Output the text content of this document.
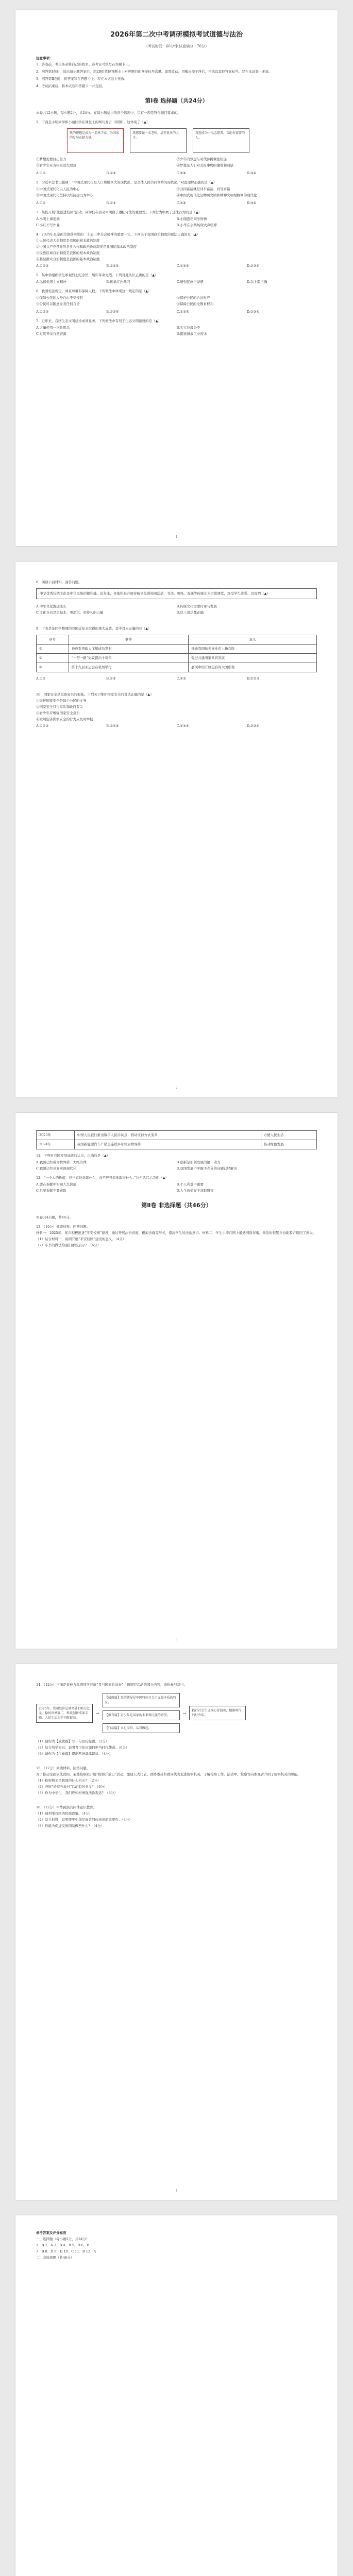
2026年第二次中考调研模拟考试道德与法治
（考试时间：60分钟 试卷满分：70分）

注意事项：

1．答卷前，考生务必将自己的姓名、准考证号填写在答题卡上。

2．回答第Ⅰ卷时，选出每小题答案后，用2B铅笔把答题卡上对应题目的答案标号涂黑。如需改动，用橡皮擦干净后，再选涂其他答案标号。写在本试卷上无效。

3．回答第Ⅱ卷时，将答案写在答题卡上。写在本试卷上无效。

4．考试结束后，将本试卷和答题卡一并交回。

第Ⅰ卷 选择题（共24分）

本卷共12小题，每小题2分，共24分。在每小题给出的四个选项中，只有一项是符合题目要求的。

1．下面是小明同学和小丽同学在课堂上的两句发言（如图），这体现了（▲）

我的理想是成为一名科学家，为国家的发展贡献力量。
我想要做一名老师，培养更多的人才。
我想成为一名志愿者，帮助有需要的人。
①梦想需要付出努力	②少年的梦想与时代脉搏紧密相连
③青少年应当树立远大理想	④梦想是人们对美好事物的憧憬和渴望
A.①②	B.①③	C.②④	D.③④

2．习近平总书记强调：“中国式现代化是人口规模巨大的现代化，是全体人民共同富裕的现代化。”对此理解正确的是（▲）

①中国式现代化以人民为中心	②共同富裕就是同步富裕、同等富裕
③中国式现代化坚持以经济建设为中心	④中国式现代化是物质文明和精神文明相协调的现代化
A.①②	B.①③	C.②④	D.③④

3．某校开展“法治进校园”活动，同学们在活动中明白了遵纪守法的重要性。下列行为中属于违法行为的是（▲）

A.小明上课迟到	B.小刚盗窃同学财物
C.小红不写作业	D.小华在公共场所大声喧哗

4．2025年是全面贯彻落实党的二十届三中全会精神的重要一年。下列关于我国政治制度的说法正确的是（▲）

①人民代表大会制度是我国的根本政治制度

②中国共产党领导的多党合作和政治协商制度是我国的基本政治制度

③民族区域自治制度是我国的根本政治制度

④基层群众自治制度是我国的基本政治制度

A.①②③	B.①②④	C.①③④	D.②③④

5．某中学组织学生参观烈士纪念馆，缅怀革命先烈。下列对此认识正确的是（▲）

A.弘扬爱国主义精神	B.传承红色基因	C.增强民族自豪感	D.以上都正确

6．我国宪法规定，国家尊重和保障人权。下列做法中体现这一规定的是（▲）

①保障公民的人身自由不受侵犯	②保护公民的合法财产
③公民可以随意发表任何言论	④保障公民的受教育权利
A.①②③	B.①②④	C.①③④	D.②③④

7．近年来，我国生态文明建设成效显著。下列做法中有利于生态文明建设的是（▲）

A.大量使用一次性用品	B.实行垃圾分类
C.过度开采自然资源	D.随意排放工业废水
1

8．阅读下面材料，回答问题。

中华优秀传统文化是中华民族的根和魂。近年来，各地积极开展传统文化进校园活动，书法、剪纸、戏曲等传统艺术走进课堂，深受学生喜爱。这说明（▲）
A.中华文化源远流长	B.传统文化需要传承与发展
C.文化自信是更基本、更深沉、更持久的力量	D.以上说法都正确

9．下表是某同学整理的我国近年来取得的重大成就，其中对应正确的有（▲）

序号	事件	意义
①	神舟系列载人飞船成功发射	推动我国航天事业迈上新台阶
②	“一带一路”倡议提出十周年	促进共建国家共同发展
③	第十九届亚运会在杭州举行	展现中国开放包容的大国形象
A.①②	B.①③	C.②③	D.①②③

10．国家安全是民族复兴的根基。下列关于维护国家安全的说法正确的是（▲）

①维护国家安全是每个公民的义务

②国家安全只与军队和政府有关

③青少年应增强国家安全意识

④发现危害国家安全的行为应及时举报

A.①②③	B.①②④	C.①③④	D.②③④
2
2023年	中国人民银行推出数字人民币试点，推动支付方式变革	方便人民生活
2024年	我国新能源汽车产销量连续多年位居世界第一	推动绿色发展

11．下列对我国发展成就的认识，正确的是（▲）

A.我国已经成为世界第一大经济体	B.创新是引领发展的第一动力
C.我国已经全面实现现代化	D.我国发展不平衡不充分的问题已经解决

12．“一个人的价值，应当看他贡献什么，而不应当看他取得什么。”这句话启示我们（▲）

A.要在奉献中实现人生价值	B.个人利益不重要
C.只要奉献不要索取	D.人生价值在于获取财富
第Ⅱ卷 非选择题（共46分）

本卷共4小题，共46分。

13．（10分）阅读材料，回答问题。

材料一：2025年，某市积极推进“平安校园”建设，通过开展法治讲座、模拟法庭等形式，提高学生的法治意识。材料二：学生小李在网上遭遇网络诈骗，他及时报警并协助警方追回了损失。

（1）结合材料一，说明开展“平安校园”建设的意义。（4分）

（2）小李的做法给我们哪些启示？（6分）

3

14．（12分）下面是某校九年级同学开展“我与国家共成长”主题探究活动的部分内容，请你参与其中。

2025年，我国经济总量突破130万亿元，稳居世界第二。科技创新成果丰硕，人民生活水平不断提高。
→
【成就篇】党的领导是中国特色社会主义最本质的特征。
【担当篇】青少年是国家的未来和民族的希望。
【行动篇】立足岗位，从我做起。
→	践行社会主义核心价值观，做新时代的好少年。

（1）请你为【成就篇】写一句宣传标语。（2分）

（2）结合所学知识，说明青少年应如何担当时代使命。（6分）

（3）请你为【行动篇】提出两条具体建议。（4分）

15．（12分）阅读材料，回答问题。

为了推动全面依法治国，某地检察院开展“检察开放日”活动，邀请人大代表、政协委员和群众代表走进检察机关，了解检察工作。活动中，检察官向参观者介绍了检察机关的职能。

（1）检察机关是我国的什么机关？（2分）

（2）开展“检察开放日”活动有何意义？（6分）

（3）作为中学生，我们应如何增强法治观念？（4分）

16．（12分）中华民族共同体意识教育。

（1）请列举我国的民族政策。（4分）

（2）结合材料，说明铸牢中华民族共同体意识的重要性。（4分）

（3）你能为促进民族团结做些什么？（4分）

4

参考答案及评分标准

一、选择题（每小题2分，共24分）

1．B 2．A 3．B 4．B 5．D 6．B

7．B 8．D 9．D 10．C 11．B 12．A

二、非选择题（共46分）
